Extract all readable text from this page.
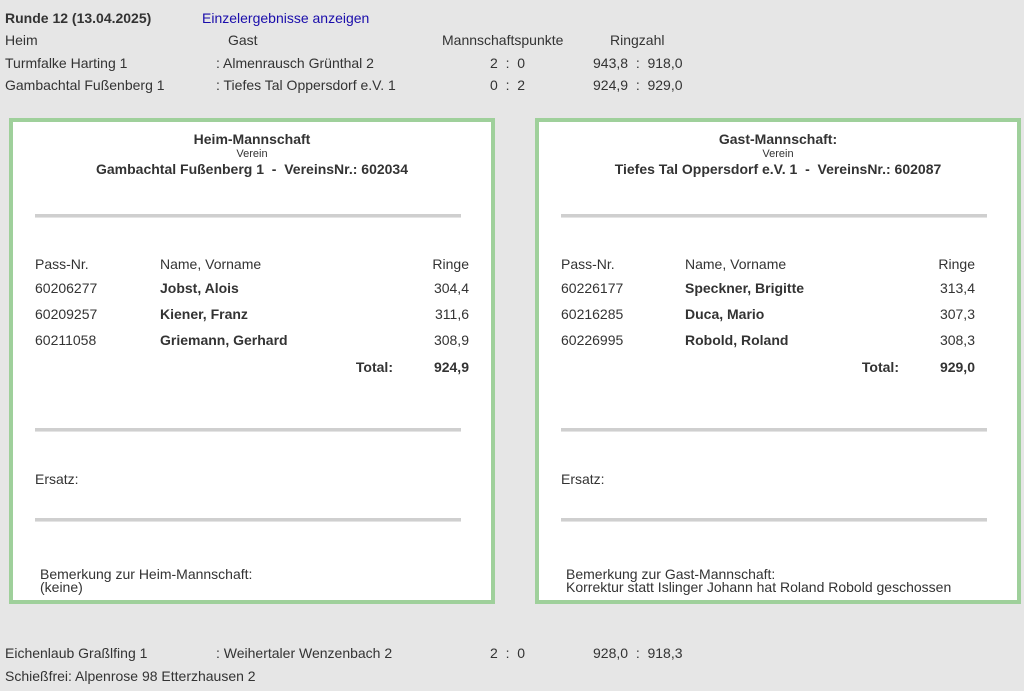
Runde 12 (13.04.2025)	Einzelergebnisse anzeigen
Heim	Gast	Mannschaftspunkte	Ringzahl
Turmfalke Harting 1	: Almenrausch Grünthal 2	2  :  0	943,8  :  918,0
Gambachtal Fußenberg 1	: Tiefes Tal Oppersdorf e.V. 1	0  :  2	924,9  :  929,0
Heim-Mannschaft
Verein
Gambachtal Fußenberg 1  -  VereinsNr.: 602034
Pass-Nr.	Name, Vorname	Ringe
60206277	Jobst, Alois	304,4
60209257	Kiener, Franz	311,6
60211058	Griemann, Gerhard	308,9
Total:	924,9
Ersatz:
Bemerkung zur Heim-Mannschaft:
(keine)
Gast-Mannschaft:
Verein
Tiefes Tal Oppersdorf e.V. 1  -  VereinsNr.: 602087
Pass-Nr.	Name, Vorname	Ringe
60226177	Speckner, Brigitte	313,4
60216285	Duca, Mario	307,3
60226995	Robold, Roland	308,3
Total:	929,0
Ersatz:
Bemerkung zur Gast-Mannschaft:
Korrektur statt Islinger Johann hat Roland Robold geschossen
Eichenlaub Graßlfing 1	: Weihertaler Wenzenbach 2	2  :  0	928,0  :  918,3
Schießfrei: Alpenrose 98 Etterzhausen 2
